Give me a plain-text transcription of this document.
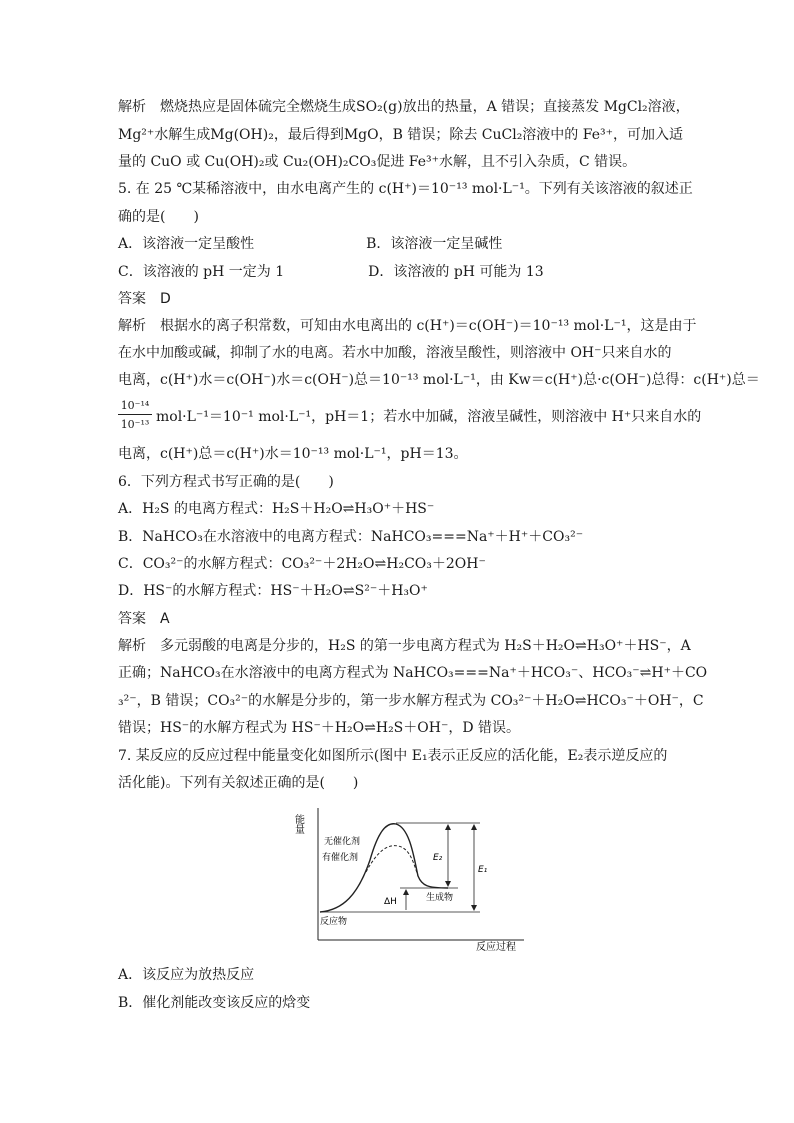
解析　燃烧热应是固体硫完全燃烧生成SO₂(g)放出的热量，A 错误；直接蒸发 MgCl₂溶液，
Mg²⁺水解生成Mg(OH)₂，最后得到MgO，B 错误；除去 CuCl₂溶液中的 Fe³⁺，可加入适
量的 CuO 或 Cu(OH)₂或 Cu₂(OH)₂CO₃促进 Fe³⁺水解，且不引入杂质，C 错误。
5. 在 25 ℃某稀溶液中，由水电离产生的 c(H⁺)＝10⁻¹³ mol·L⁻¹。下列有关该溶液的叙述正
确的是(　　)
A．该溶液一定呈酸性　　　　　　　　B．该溶液一定呈碱性
C．该溶液的 pH 一定为 1　　　　　　D．该溶液的 pH 可能为 13
答案　D
解析　根据水的离子积常数，可知由水电离出的 c(H⁺)＝c(OH⁻)＝10⁻¹³ mol·L⁻¹，这是由于
在水中加酸或碱，抑制了水的电离。若水中加酸，溶液呈酸性，则溶液中 OH⁻只来自水的
电离，c(H⁺)水＝c(OH⁻)水＝c(OH⁻)总＝10⁻¹³ mol·L⁻¹，由 Kw＝c(H⁺)总·c(OH⁻)总得：c(H⁺)总＝
10⁻¹⁴
10⁻¹³ mol·L⁻¹＝10⁻¹ mol·L⁻¹，pH＝1；若水中加碱，溶液呈碱性，则溶液中 H⁺只来自水的
电离，c(H⁺)总＝c(H⁺)水＝10⁻¹³ mol·L⁻¹，pH＝13。
6．下列方程式书写正确的是(　　)
A．H₂S 的电离方程式：H₂S＋H₂O⇌H₃O⁺＋HS⁻
B．NaHCO₃在水溶液中的电离方程式：NaHCO₃===Na⁺＋H⁺＋CO₃²⁻
C．CO₃²⁻的水解方程式：CO₃²⁻＋2H₂O⇌H₂CO₃＋2OH⁻
D．HS⁻的水解方程式：HS⁻＋H₂O⇌S²⁻＋H₃O⁺
答案　A
解析　多元弱酸的电离是分步的，H₂S 的第一步电离方程式为 H₂S＋H₂O⇌H₃O⁺＋HS⁻，A
正确；NaHCO₃在水溶液中的电离方程式为 NaHCO₃===Na⁺＋HCO₃⁻、HCO₃⁻⇌H⁺＋CO
₃²⁻，B 错误；CO₃²⁻的水解是分步的，第一步水解方程式为 CO₃²⁻＋H₂O⇌HCO₃⁻＋OH⁻，C
错误；HS⁻的水解方程式为 HS⁻＋H₂O⇌H₂S＋OH⁻，D 错误。
7. 某反应的反应过程中能量变化如图所示(图中 E₁表示正反应的活化能，E₂表示逆反应的
活化能)。下列有关叙述正确的是(　　)
能量
无催化剂
有催化剂	E₂
E₁
ΔH	生成物
反应物
反应过程
A．该反应为放热反应
B．催化剂能改变该反应的焓变
